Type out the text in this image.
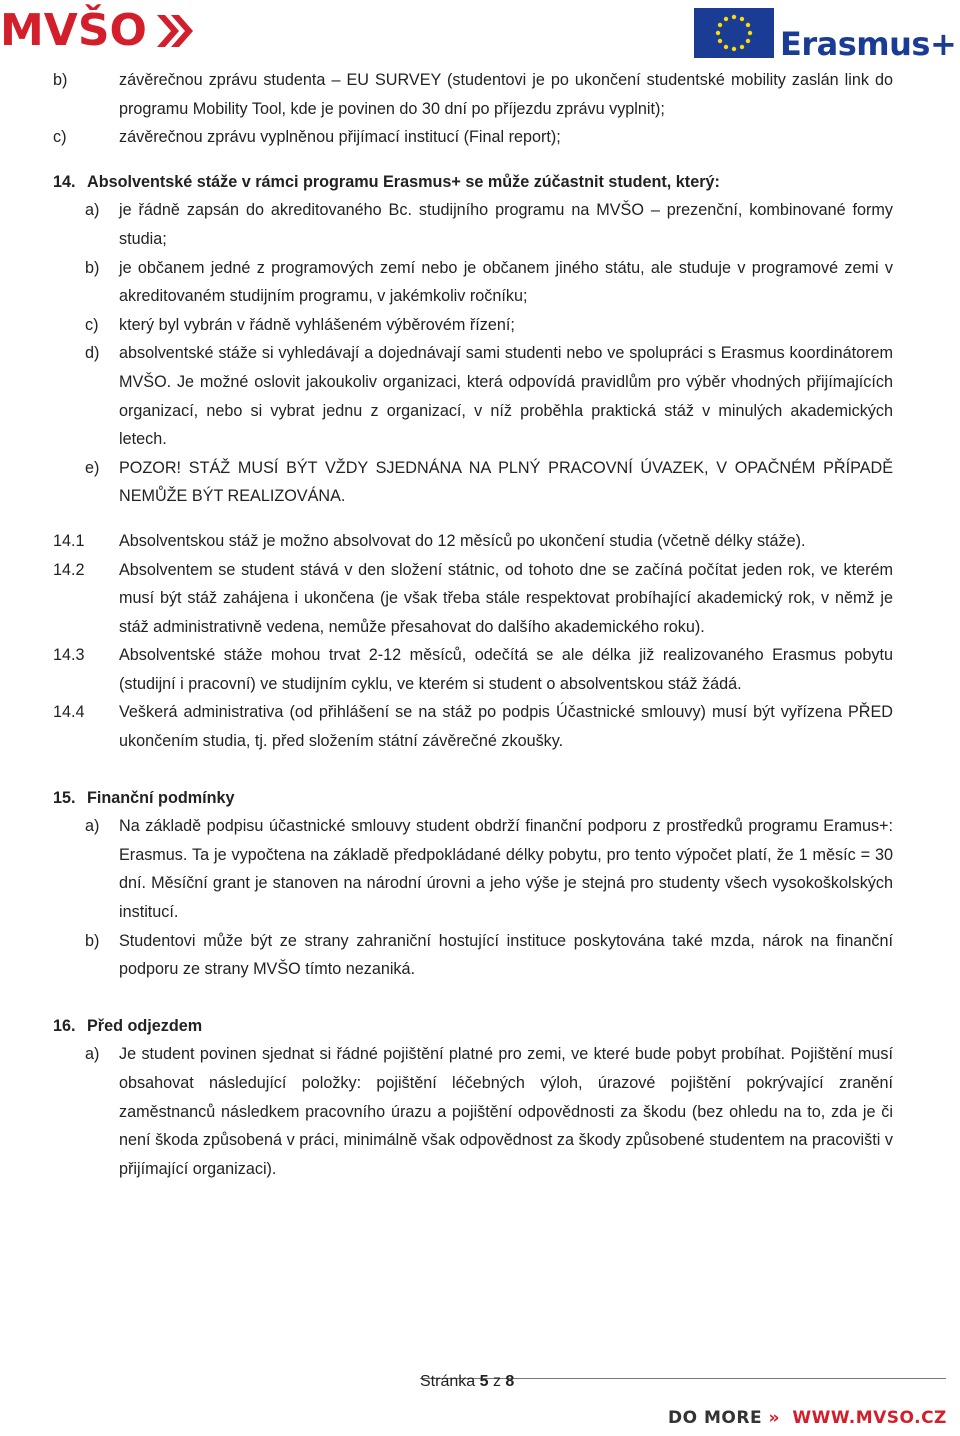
MVŠO	Erasmus+
b)	závěrečnou zprávu studenta – EU SURVEY (studentovi je po ukončení studentské mobility zaslán link do programu Mobility Tool, kde je povinen do 30 dní po příjezdu zprávu vyplnit);
c)	závěrečnou zprávu vyplněnou přijímací institucí (Final report);
14. Absolventské stáže v rámci programu Erasmus+ se může zúčastnit student, který:
a)	je řádně zapsán do akreditovaného Bc. studijního programu na MVŠO – prezenční, kombinované formy studia;
b)	je občanem jedné z programových zemí nebo je občanem jiného státu, ale studuje v programové zemi v akreditovaném studijním programu, v jakémkoliv ročníku;
c)	který byl vybrán v řádně vyhlášeném výběrovém řízení;
d)	absolventské stáže si vyhledávají a dojednávají sami studenti nebo ve spolupráci s Erasmus koordinátorem MVŠO. Je možné oslovit jakoukoliv organizaci, která odpovídá pravidlům pro výběr vhodných přijímajících organizací, nebo si vybrat jednu z organizací, v níž proběhla praktická stáž v minulých akademických letech.
e)	POZOR! STÁŽ MUSÍ BÝT VŽDY SJEDNÁNA NA PLNÝ PRACOVNÍ ÚVAZEK, V OPAČNÉM PŘÍPADĚ NEMŮŽE BÝT REALIZOVÁNA.
14.1	Absolventskou stáž je možno absolvovat do 12 měsíců po ukončení studia (včetně délky stáže).
14.2	Absolventem se student stává v den složení státnic, od tohoto dne se začíná počítat jeden rok, ve kterém musí být stáž zahájena i ukončena (je však třeba stále respektovat probíhající akademický rok, v němž je stáž administrativně vedena, nemůže přesahovat do dalšího akademického roku).
14.3	Absolventské stáže mohou trvat 2-12 měsíců, odečítá se ale délka již realizovaného Erasmus pobytu (studijní i pracovní) ve studijním cyklu, ve kterém si student o absolventskou stáž žádá.
14.4	Veškerá administrativa (od přihlášení se na stáž po podpis Účastnické smlouvy) musí být vyřízena PŘED ukončením studia, tj. před složením státní závěrečné zkoušky.
15. Finanční podmínky
a)	Na základě podpisu účastnické smlouvy student obdrží finanční podporu z prostředků programu Eramus+: Erasmus. Ta je vypočtena na základě předpokládané délky pobytu, pro tento výpočet platí, že 1 měsíc = 30 dní. Měsíční grant je stanoven na národní úrovni a jeho výše je stejná pro studenty všech vysokoškolských institucí.
b)	Studentovi může být ze strany zahraniční hostující instituce poskytována také mzda, nárok na finanční podporu ze strany MVŠO tímto nezaniká.
16. Před odjezdem
a)	Je student povinen sjednat si řádné pojištění platné pro zemi, ve které bude pobyt probíhat. Pojištění musí obsahovat následující položky: pojištění léčebných výloh, úrazové pojištění pokrývající zranění zaměstnanců následkem pracovního úrazu a pojištění odpovědnosti za škodu (bez ohledu na to, zda je či není škoda způsobená v práci, minimálně však odpovědnost za škody způsobené studentem na pracovišti v přijímající organizaci).
Stránka 5 z 8
DO MORE » WWW.MVSO.CZ
